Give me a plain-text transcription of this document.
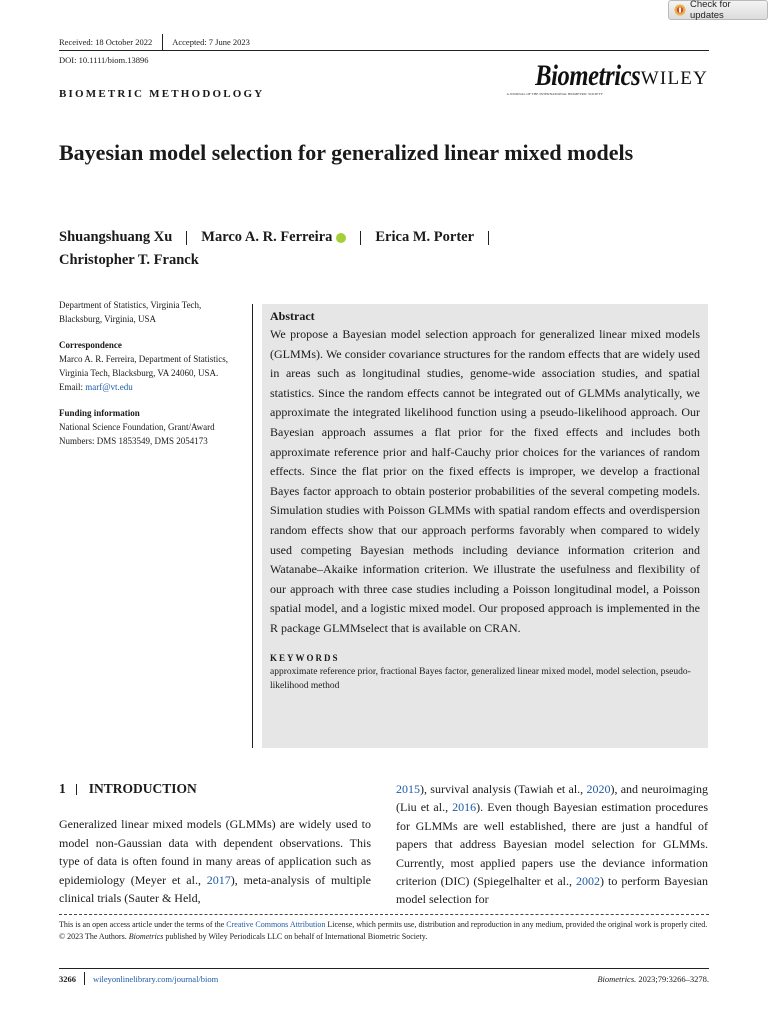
Check for updates
Received: 18 October 2022 Accepted: 7 June 2023
DOI: 10.1111/biom.13896
BIOMETRIC METHODOLOGY
Biometrics
A JOURNAL OF THE INTERNATIONAL BIOMETRIC SOCIETY
WILEY
Bayesian model selection for generalized linear mixed models
Shuangshuang Xu Marco A. R. Ferreira	Erica M. Porter
Christopher T. Franck
Department of Statistics, Virginia Tech, Blacksburg, Virginia, USA
Correspondence
Marco A. R. Ferreira, Department of Statistics, Virginia Tech, Blacksburg, VA 24060, USA.
Email: marf@vt.edu
Funding information
National Science Foundation, Grant/Award Numbers: DMS 1853549, DMS 2054173
Abstract
We propose a Bayesian model selection approach for generalized linear mixed models (GLMMs). We consider covariance structures for the random effects that are widely used in areas such as longitudinal studies, genome-wide association studies, and spatial statistics. Since the random effects cannot be integrated out of GLMMs analytically, we approximate the integrated likelihood function using a pseudo-likelihood approach. Our Bayesian approach assumes a flat prior for the fixed effects and includes both approximate reference prior and half-Cauchy prior choices for the variances of random effects. Since the flat prior on the fixed effects is improper, we develop a fractional Bayes factor approach to obtain posterior probabilities of the several competing models. Simulation studies with Poisson GLMMs with spatial random effects and overdispersion random effects show that our approach performs favorably when compared to widely used competing Bayesian methods including deviance information criterion and Watanabe–Akaike information criterion. We illustrate the usefulness and flexibility of our approach with three case studies including a Poisson longitudinal model, a Poisson spatial model, and a logistic mixed model. Our proposed approach is implemented in the R package GLMMselect that is available on CRAN.
KEYWORDS
approximate reference prior, fractional Bayes factor, generalized linear mixed model, model selection, pseudo-likelihood method
1 INTRODUCTION
Generalized linear mixed models (GLMMs) are widely used to model non-Gaussian data with dependent observations. This type of data is often found in many areas of application such as epidemiology (Meyer et al., 2017), meta-analysis of multiple clinical trials (Sauter & Held,
2015), survival analysis (Tawiah et al., 2020), and neuroimaging (Liu et al., 2016). Even though Bayesian estimation procedures for GLMMs are well established, there are just a handful of papers that address Bayesian model selection for GLMMs. Currently, most applied papers use the deviance information criterion (DIC) (Spiegelhalter et al., 2002) to perform Bayesian model selection for
This is an open access article under the terms of the Creative Commons Attribution License, which permits use, distribution and reproduction in any medium, provided the original work is properly cited.
© 2023 The Authors. Biometrics published by Wiley Periodicals LLC on behalf of International Biometric Society.
3266 wileyonlinelibrary.com/journal/biom	Biometrics. 2023;79:3266–3278.
